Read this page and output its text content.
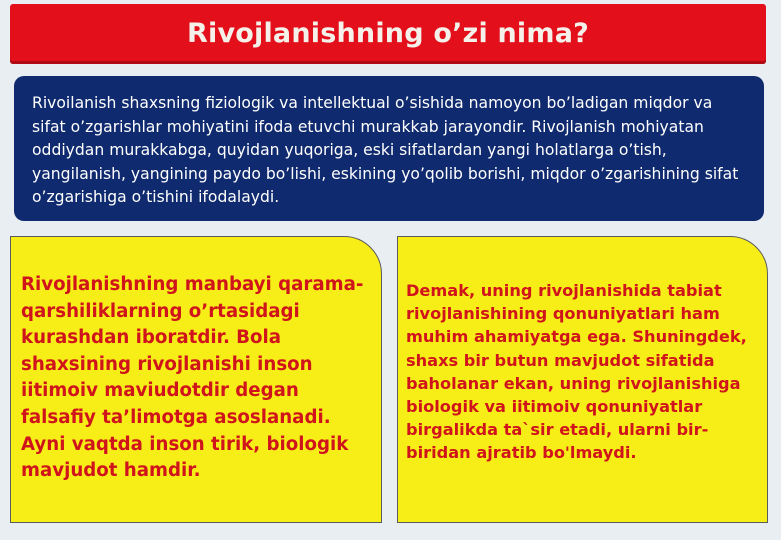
Rivojlanishning o’zi nima?

Rivoilanish shaxsning fiziologik va intellektual o’sishida namoyon bo’ladigan miqdor va sifat o’zgarishlar mohiyatini ifoda etuvchi murakkab jarayondir. Rivojlanish mohiyatan oddiydan murakkabga, quyidan yuqoriga, eski sifatlardan yangi holatlarga o’tish, yangilanish, yangining paydo bo’lishi, eskining yo’qolib borishi, miqdor o’zgarishining sifat o’zgarishiga o’tishini ifodalaydi.

Rivojlanishning manbayi qarama-qarshiliklarning o’rtasidagi kurashdan iboratdir. Bola shaxsining rivojlanishi inson iitimoiv maviudotdir degan falsafiy ta’limotga asoslanadi. Ayni vaqtda inson tirik, biologik mavjudot hamdir.

Demak, uning rivojlanishida tabiat rivojlanishining qonuniyatlari ham muhim ahamiyatga ega. Shuningdek, shaxs bir butun mavjudot sifatida baholanar ekan, uning rivojlanishiga biologik va iitimoiv qonuniyatlar birgalikda ta`sir etadi, ularni bir-biridan ajratib bo'lmaydi.
